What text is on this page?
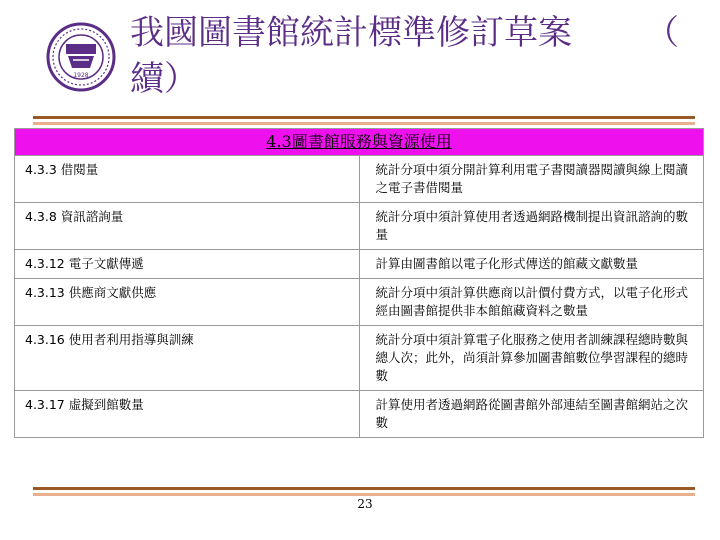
1928
我國圖書館統計標準修訂草案	（
續）
4.3圖書館服務與資源使用	
4.3.3 借閱量	統計分項中須分開計算利用電子書閱讀器閱讀與線上閱讀之電子書借閱量
4.3.8 資訊諮詢量	統計分項中須計算使用者透過網路機制提出資訊諮詢的數量
4.3.12 電子文獻傳遞	計算由圖書館以電子化形式傳送的館藏文獻數量
4.3.13 供應商文獻供應	統計分項中須計算供應商以計價付費方式，以電子化形式經由圖書館提供非本館館藏資料之數量
4.3.16 使用者利用指導與訓練	統計分項中須計算電子化服務之使用者訓練課程總時數與總人次；此外，尚須計算參加圖書館數位學習課程的總時數
4.3.17 虛擬到館數量	計算使用者透過網路從圖書館外部連結至圖書館網站之次數
23
